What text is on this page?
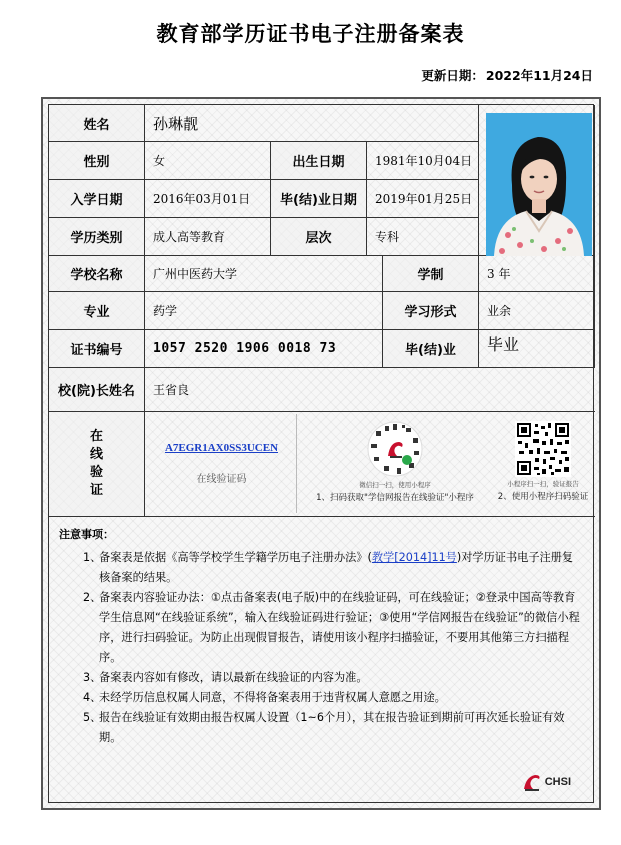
教育部学历证书电子注册备案表
更新日期： 2022年11月24日
姓名	孙琳靓
性别	女	出生日期	1981年10月04日
入学日期	2016年03月01日	毕(结)业日期	2019年01月25日
学历类别	成人高等教育	层次	专科
学校名称	广州中医药大学	学制	3 年
专业	药学	学习形式	业余
证书编号	1057 2520 1906 0018 73	毕(结)业	毕业
校(院)长姓名	王省良
在
线
验
证
A7EGR1AX0SS3UCEN
在线验证码	微信扫一扫，使用小程序
1、扫码获取"学信网报告在线验证"小程序
小程序扫一扫，验证报告
2、使用小程序扫码验证
注意事项：
1、
备案表是依据《高等学校学生学籍学历电子注册办法》(教学[2014]11号)对学历证书电子注册复核备案的结果。
2、
备案表内容验证办法：①点击备案表(电子版)中的在线验证码，可在线验证；②登录中国高等教育学生信息网“在线验证系统”，输入在线验证码进行验证；③使用“学信网报告在线验证”的微信小程序，进行扫码验证。为防止出现假冒报告，请使用该小程序扫描验证，不要用其他第三方扫描程序。
3、
备案表内容如有修改，请以最新在线验证的内容为准。
4、
未经学历信息权属人同意，不得将备案表用于违背权属人意愿之用途。
5、
报告在线验证有效期由报告权属人设置（1~6个月），其在报告验证到期前可再次延长验证有效期。
CHSI
